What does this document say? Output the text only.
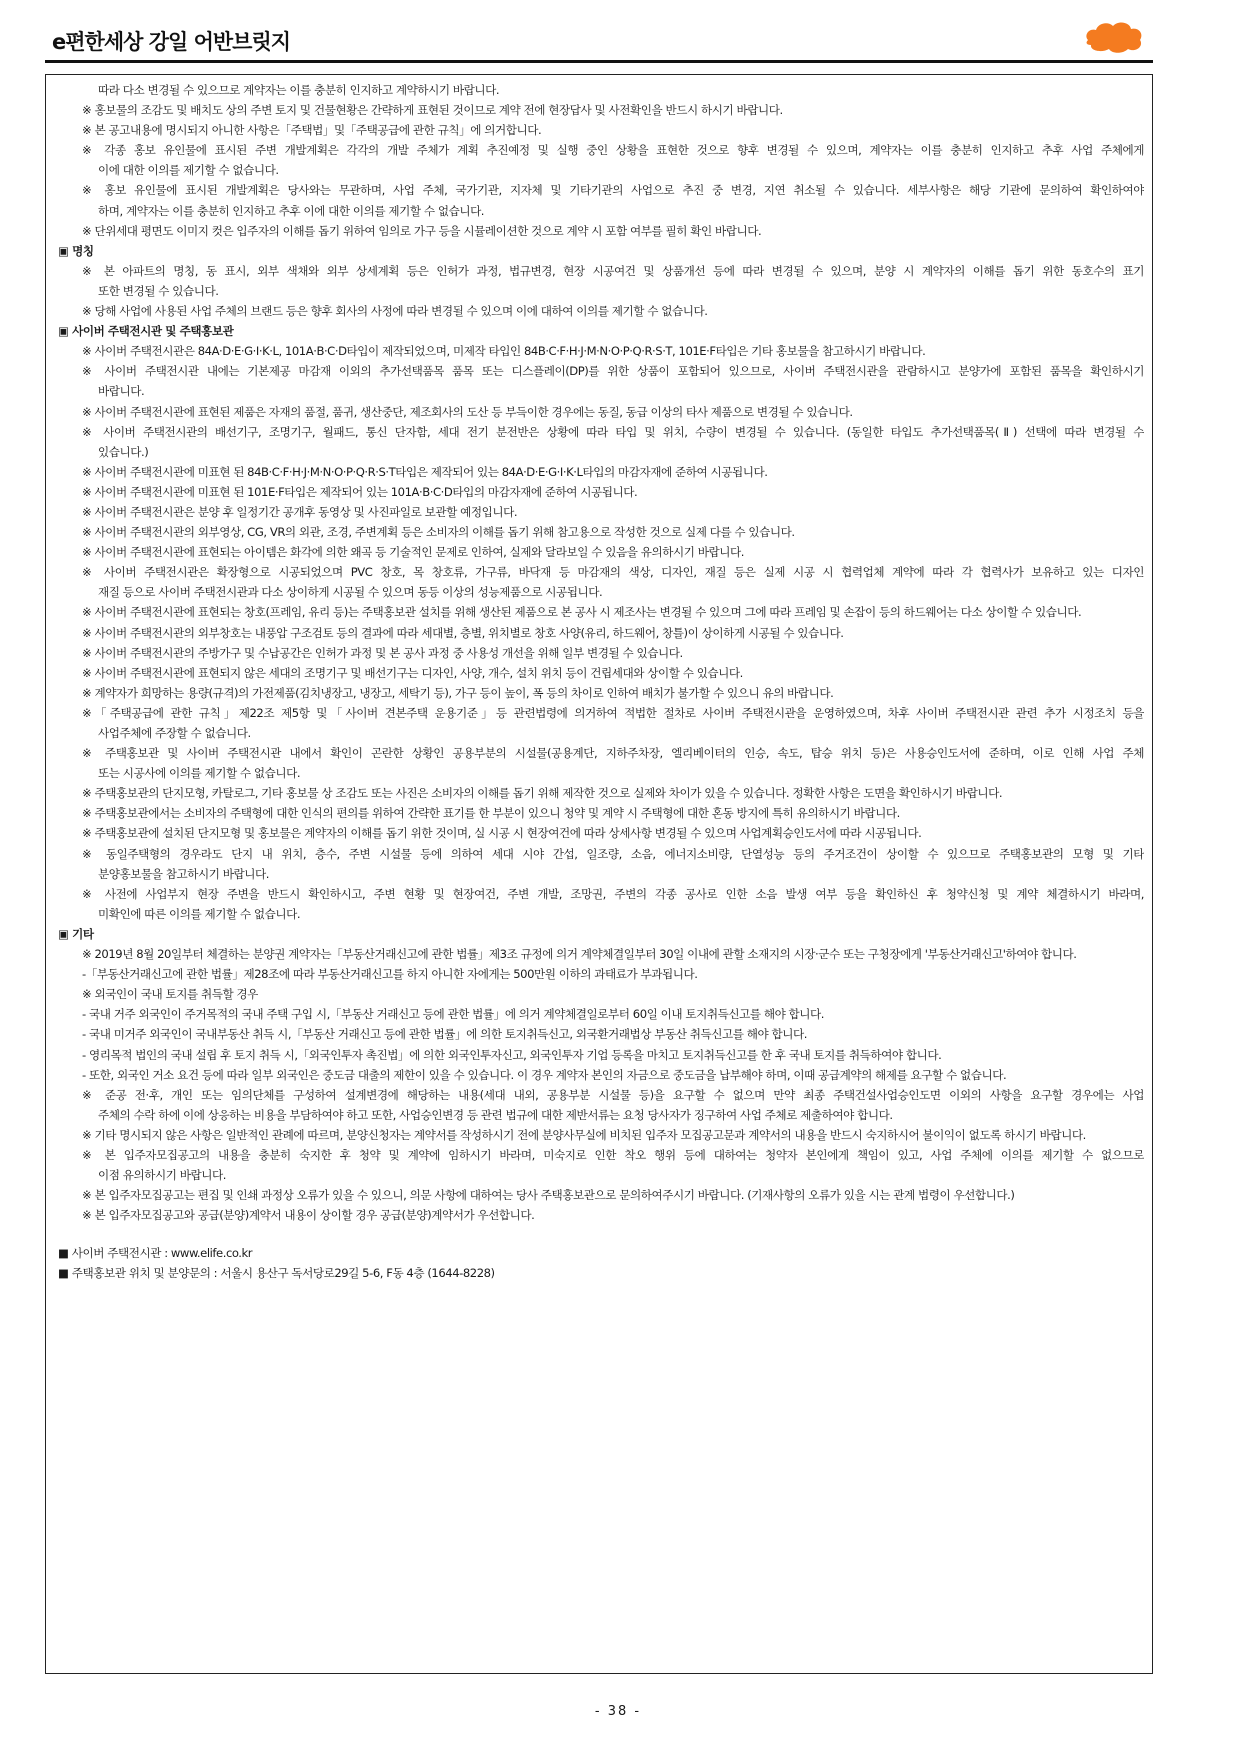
e편한세상 강일 어반브릿지
따라 다소 변경될 수 있으므로 계약자는 이를 충분히 인지하고 계약하시기 바랍니다.
※ 홍보물의 조감도 및 배치도 상의 주변 토지 및 건물현황은 간략하게 표현된 것이므로 계약 전에 현장답사 및 사전확인을 반드시 하시기 바랍니다.
※ 본 공고내용에 명시되지 아니한 사항은「주택법」및「주택공급에 관한 규칙」에 의거합니다.
※ 각종 홍보 유인물에 표시된 주변 개발계획은 각각의 개발 주체가 계획 추진예정 및 실행 중인 상황을 표현한 것으로 향후 변경될 수 있으며, 계약자는 이를 충분히 인지하고 추후 사업 주체에게
이에 대한 이의를 제기할 수 없습니다.
※ 홍보 유인물에 표시된 개발계획은 당사와는 무관하며, 사업 주체, 국가기관, 지자체 및 기타기관의 사업으로 추진 중 변경, 지연 취소될 수 있습니다. 세부사항은 해당 기관에 문의하여 확인하여야
하며, 계약자는 이를 충분히 인지하고 추후 이에 대한 이의를 제기할 수 없습니다.
※ 단위세대 평면도 이미지 컷은 입주자의 이해를 돕기 위하여 임의로 가구 등을 시뮬레이션한 것으로 계약 시 포함 여부를 필히 확인 바랍니다.
▣ 명칭
※ 본 아파트의 명칭, 동 표시, 외부 색채와 외부 상세계획 등은 인허가 과정, 법규변경, 현장 시공여건 및 상품개선 등에 따라 변경될 수 있으며, 분양 시 계약자의 이해를 돕기 위한 동호수의 표기
또한 변경될 수 있습니다.
※ 당해 사업에 사용된 사업 주체의 브랜드 등은 향후 회사의 사정에 따라 변경될 수 있으며 이에 대하여 이의를 제기할 수 없습니다.
▣ 사이버 주택전시관 및 주택홍보관
※ 사이버 주택전시관은 84A·D·E·G·I·K·L, 101A·B·C·D타입이 제작되었으며, 미제작 타입인 84B·C·F·H·J·M·N·O·P·Q·R·S·T, 101E·F타입은 기타 홍보물을 참고하시기 바랍니다.
※ 사이버 주택전시관 내에는 기본제공 마감재 이외의 추가선택품목 품목 또는 디스플레이(DP)를 위한 상품이 포함되어 있으므로, 사이버 주택전시관을 관람하시고 분양가에 포함된 품목을 확인하시기
바랍니다.
※ 사이버 주택전시관에 표현된 제품은 자재의 품절, 품귀, 생산중단, 제조회사의 도산 등 부득이한 경우에는 동질, 동급 이상의 타사 제품으로 변경될 수 있습니다.
※ 사이버 주택전시관의 배선기구, 조명기구, 월패드, 통신 단자함, 세대 전기 분전반은 상황에 따라 타입 및 위치, 수량이 변경될 수 있습니다. (동일한 타입도 추가선택품목(Ⅱ) 선택에 따라 변경될 수
있습니다.)
※ 사이버 주택전시관에 미표현 된 84B·C·F·H·J·M·N·O·P·Q·R·S·T타입은 제작되어 있는 84A·D·E·G·I·K·L타입의 마감자재에 준하여 시공됩니다.
※ 사이버 주택전시관에 미표현 된 101E·F타입은 제작되어 있는 101A·B·C·D타입의 마감자재에 준하여 시공됩니다.
※ 사이버 주택전시관은 분양 후 일정기간 공개후 동영상 및 사진파일로 보관할 예정입니다.
※ 사이버 주택전시관의 외부영상, CG, VR의 외관, 조경, 주변계획 등은 소비자의 이해를 돕기 위해 참고용으로 작성한 것으로 실제 다를 수 있습니다.
※ 사이버 주택전시관에 표현되는 아이템은 화각에 의한 왜곡 등 기술적인 문제로 인하여, 실제와 달라보일 수 있음을 유의하시기 바랍니다.
※ 사이버 주택전시관은 확장형으로 시공되었으며 PVC 창호, 목 창호류, 가구류, 바닥재 등 마감재의 색상, 디자인, 재질 등은 실제 시공 시 협력업체 계약에 따라 각 협력사가 보유하고 있는 디자인
재질 등으로 사이버 주택전시관과 다소 상이하게 시공될 수 있으며 동등 이상의 성능제품으로 시공됩니다.
※ 사이버 주택전시관에 표현되는 창호(프레임, 유리 등)는 주택홍보관 설치를 위해 생산된 제품으로 본 공사 시 제조사는 변경될 수 있으며 그에 따라 프레임 및 손잡이 등의 하드웨어는 다소 상이할 수 있습니다.
※ 사이버 주택전시관의 외부창호는 내풍압 구조검토 등의 결과에 따라 세대별, 층별, 위치별로 창호 사양(유리, 하드웨어, 창틀)이 상이하게 시공될 수 있습니다.
※ 사이버 주택전시관의 주방가구 및 수납공간은 인허가 과정 및 본 공사 과정 중 사용성 개선을 위해 일부 변경될 수 있습니다.
※ 사이버 주택전시관에 표현되지 않은 세대의 조명기구 및 배선기구는 디자인, 사양, 개수, 설치 위치 등이 건립세대와 상이할 수 있습니다.
※ 계약자가 희망하는 용량(규격)의 가전제품(김치냉장고, 냉장고, 세탁기 등), 가구 등이 높이, 폭 등의 차이로 인하여 배치가 불가할 수 있으니 유의 바랍니다.
※「주택공급에 관한 규칙」제22조 제5항 및「사이버 견본주택 운용기준」등 관련법령에 의거하여 적법한 절차로 사이버 주택전시관을 운영하였으며, 차후 사이버 주택전시관 관련 추가 시정조치 등을
사업주체에 주장할 수 없습니다.
※ 주택홍보관 및 사이버 주택전시관 내에서 확인이 곤란한 상황인 공용부분의 시설물(공용계단, 지하주차장, 엘리베이터의 인승, 속도, 탑승 위치 등)은 사용승인도서에 준하며, 이로 인해 사업 주체
또는 시공사에 이의를 제기할 수 없습니다.
※ 주택홍보관의 단지모형, 카탈로그, 기타 홍보물 상 조감도 또는 사진은 소비자의 이해를 돕기 위해 제작한 것으로 실제와 차이가 있을 수 있습니다. 정확한 사항은 도면을 확인하시기 바랍니다.
※ 주택홍보관에서는 소비자의 주택형에 대한 인식의 편의를 위하여 간략한 표기를 한 부분이 있으니 청약 및 계약 시 주택형에 대한 혼동 방지에 특히 유의하시기 바랍니다.
※ 주택홍보관에 설치된 단지모형 및 홍보물은 계약자의 이해를 돕기 위한 것이며, 실 시공 시 현장여건에 따라 상세사항 변경될 수 있으며 사업계획승인도서에 따라 시공됩니다.
※ 동일주택형의 경우라도 단지 내 위치, 층수, 주변 시설물 등에 의하여 세대 시야 간섭, 일조량, 소음, 에너지소비량, 단열성능 등의 주거조건이 상이할 수 있으므로 주택홍보관의 모형 및 기타
분양홍보물을 참고하시기 바랍니다.
※ 사전에 사업부지 현장 주변을 반드시 확인하시고, 주변 현황 및 현장여건, 주변 개발, 조망권, 주변의 각종 공사로 인한 소음 발생 여부 등을 확인하신 후 청약신청 및 계약 체결하시기 바라며,
미확인에 따른 이의를 제기할 수 없습니다.
▣ 기타
※ 2019년 8월 20일부터 체결하는 분양권 계약자는「부동산거래신고에 관한 법률」제3조 규정에 의거 계약체결일부터 30일 이내에 관할 소재지의 시장·군수 또는 구청장에게 '부동산거래신고'하여야 합니다.
-「부동산거래신고에 관한 법률」제28조에 따라 부동산거래신고를 하지 아니한 자에게는 500만원 이하의 과태료가 부과됩니다.
※ 외국인이 국내 토지를 취득할 경우
- 국내 거주 외국인이 주거목적의 국내 주택 구입 시,「부동산 거래신고 등에 관한 법률」에 의거 계약체결일로부터 60일 이내 토지취득신고를 해야 합니다.
- 국내 미거주 외국인이 국내부동산 취득 시,「부동산 거래신고 등에 관한 법률」에 의한 토지취득신고, 외국환거래법상 부동산 취득신고를 해야 합니다.
- 영리목적 법인의 국내 설립 후 토지 취득 시,「외국인투자 촉진법」에 의한 외국인투자신고, 외국인투자 기업 등록을 마치고 토지취득신고를 한 후 국내 토지를 취득하여야 합니다.
- 또한, 외국인 거소 요건 등에 따라 일부 외국인은 중도금 대출의 제한이 있을 수 있습니다. 이 경우 계약자 본인의 자금으로 중도금을 납부해야 하며, 이때 공급계약의 해제를 요구할 수 없습니다.
※ 준공 전·후, 개인 또는 임의단체를 구성하여 설계변경에 해당하는 내용(세대 내외, 공용부분 시설물 등)을 요구할 수 없으며 만약 최종 주택건설사업승인도면 이외의 사항을 요구할 경우에는 사업
주체의 수락 하에 이에 상응하는 비용을 부담하여야 하고 또한, 사업승인변경 등 관련 법규에 대한 제반서류는 요청 당사자가 징구하여 사업 주체로 제출하여야 합니다.
※ 기타 명시되지 않은 사항은 일반적인 관례에 따르며, 분양신청자는 계약서를 작성하시기 전에 분양사무실에 비치된 입주자 모집공고문과 계약서의 내용을 반드시 숙지하시어 불이익이 없도록 하시기 바랍니다.
※ 본 입주자모집공고의 내용을 충분히 숙지한 후 청약 및 계약에 임하시기 바라며, 미숙지로 인한 착오 행위 등에 대하여는 청약자 본인에게 책임이 있고, 사업 주체에 이의를 제기할 수 없으므로
이점 유의하시기 바랍니다.
※ 본 입주자모집공고는 편집 및 인쇄 과정상 오류가 있을 수 있으니, 의문 사항에 대하여는 당사 주택홍보관으로 문의하여주시기 바랍니다. (기재사항의 오류가 있을 시는 관계 법령이 우선합니다.)
※ 본 입주자모집공고와 공급(분양)계약서 내용이 상이할 경우 공급(분양)계약서가 우선합니다.
■ 사이버 주택전시관 : www.elife.co.kr
■ 주택홍보관 위치 및 분양문의 : 서울시 용산구 독서당로29길 5-6, F동 4층 (1644-8228)
- 38 -
